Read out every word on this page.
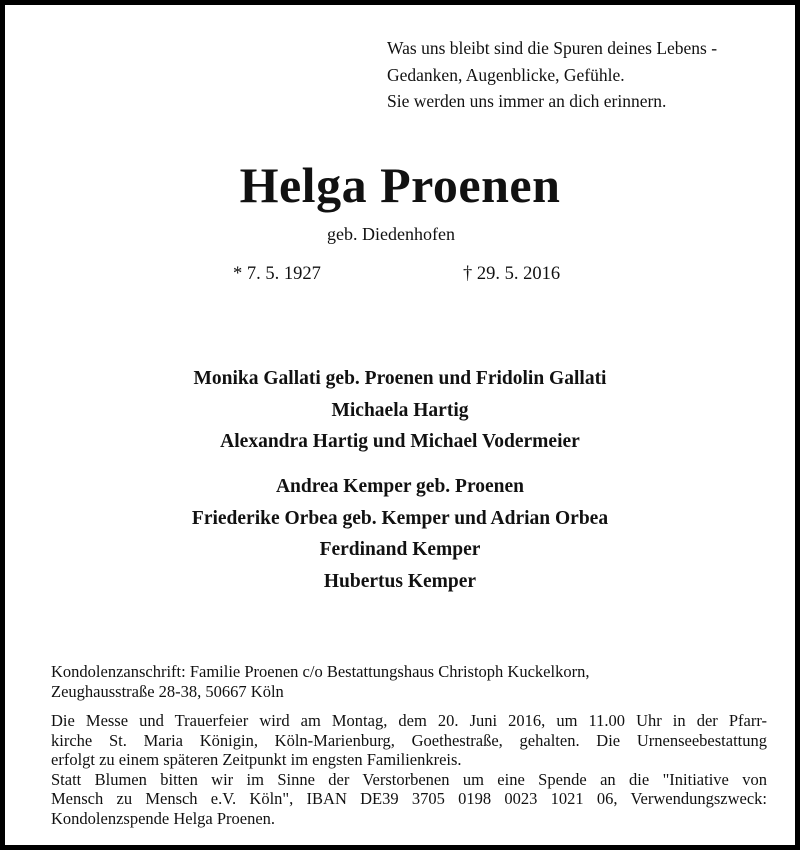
Was uns bleibt sind die Spuren deines Lebens -
Gedanken, Augenblicke, Gefühle.
Sie werden uns immer an dich erinnern.
Helga Proenen
geb. Diedenhofen
* 7. 5. 1927	† 29. 5. 2016
Monika Gallati geb. Proenen und Fridolin Gallati
Michaela Hartig
Alexandra Hartig und Michael Vodermeier
Andrea Kemper geb. Proenen
Friederike Orbea geb. Kemper und Adrian Orbea
Ferdinand Kemper
Hubertus Kemper
Kondolenzanschrift: Familie Proenen c/o Bestattungshaus Christoph Kuckelkorn,
Zeughausstraße 28-38, 50667 Köln
Die Messe und Trauerfeier wird am Montag, dem 20. Juni 2016, um 11.00 Uhr in der Pfarr-
kirche St. Maria Königin, Köln-Marienburg, Goethestraße, gehalten. Die Urnenseebestattung
erfolgt zu einem späteren Zeitpunkt im engsten Familienkreis.
Statt Blumen bitten wir im Sinne der Verstorbenen um eine Spende an die "Initiative von
Mensch zu Mensch e.V. Köln", IBAN DE39 3705 0198 0023 1021 06, Verwendungszweck:
Kondolenzspende Helga Proenen.
